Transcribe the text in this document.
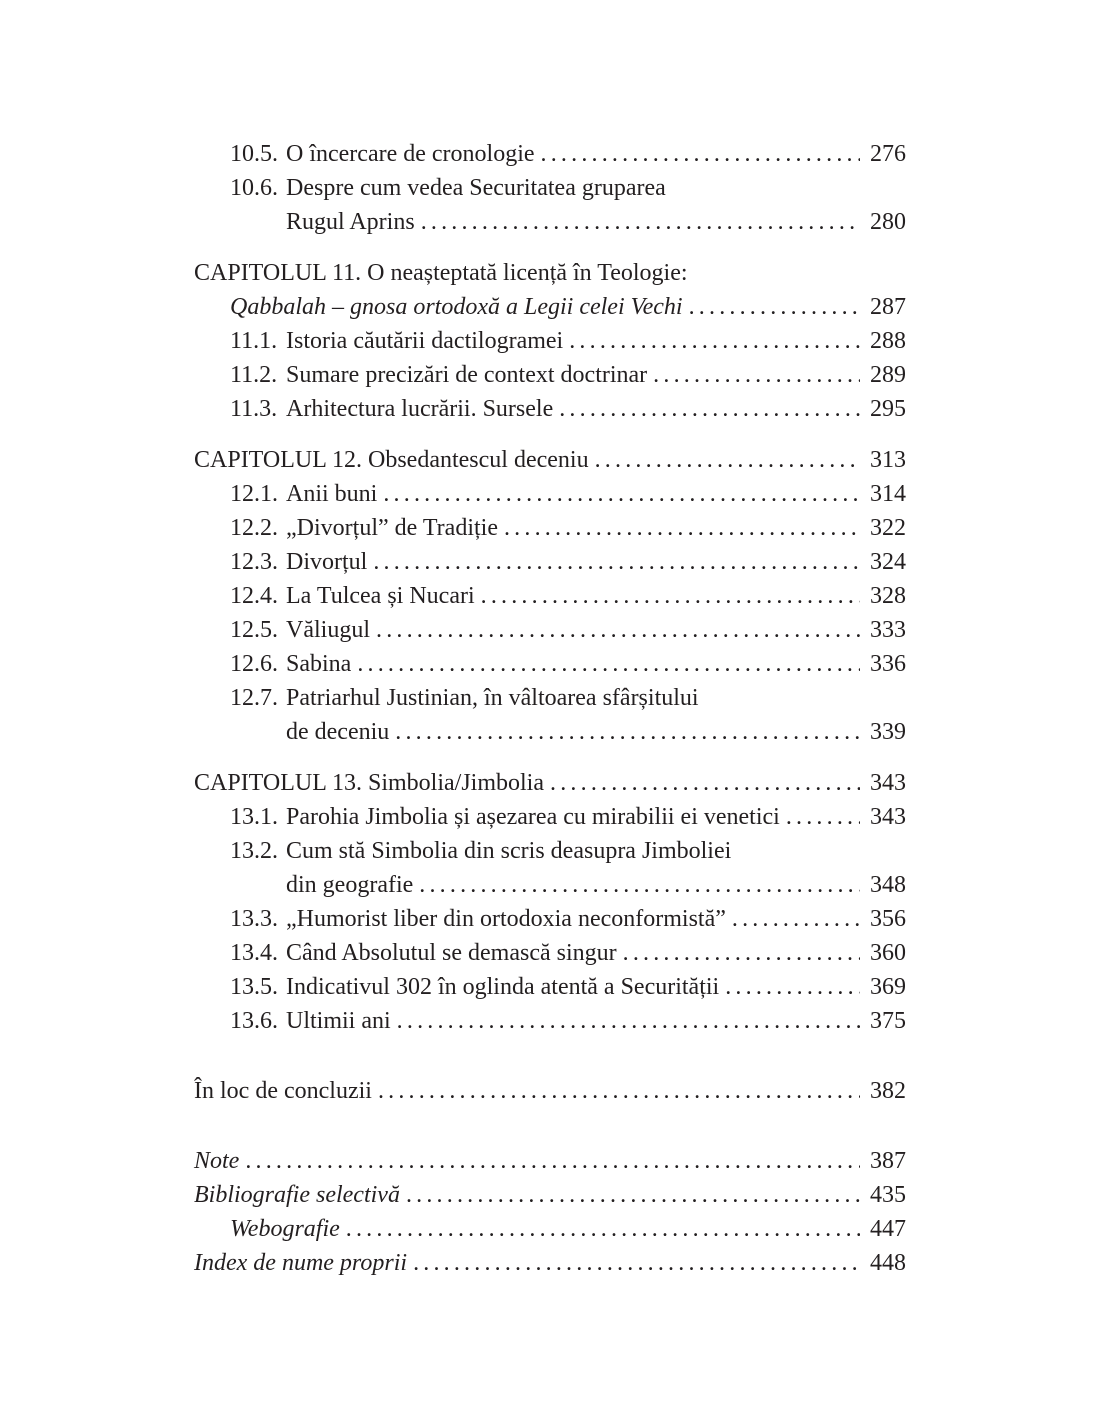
10.5. O încercare de cronologie .....	276
10.6. Despre cum vedea Securitatea gruparea
Rugul Aprins .....	280
CAPITOLUL 11. O neașteptată licență în Teologie:
Qabbalah – gnosa ortodoxă a Legii celei Vechi .....	287
11.1. Istoria căutării dactilogramei .....	288
11.2. Sumare precizări de context doctrinar .....	289
11.3. Arhitectura lucrării. Sursele .....	295
CAPITOLUL 12. Obsedantescul deceniu .....	313
12.1. Anii buni .....	314
12.2. „Divorțul” de Tradiție .....	322
12.3. Divorțul .....	324
12.4. La Tulcea și Nucari .....	328
12.5. Văliugul .....	333
12.6. Sabina .....	336
12.7. Patriarhul Justinian, în vâltoarea sfârșitului
de deceniu .....	339
CAPITOLUL 13. Simbolia/Jimbolia .....	343
13.1. Parohia Jimbolia și așezarea cu mirabilii ei venetici .....	343
13.2. Cum stă Simbolia din scris deasupra Jimboliei
din geografie .....	348
13.3. „Humorist liber din ortodoxia neconformistă” .....	356
13.4. Când Absolutul se demască singur .....	360
13.5. Indicativul 302 în oglinda atentă a Securității .....	369
13.6. Ultimii ani .....	375
În loc de concluzii .....	382
Note .....	387
Bibliografie selectivă .....	435
Webografie .....	447
Index de nume proprii .....	448
